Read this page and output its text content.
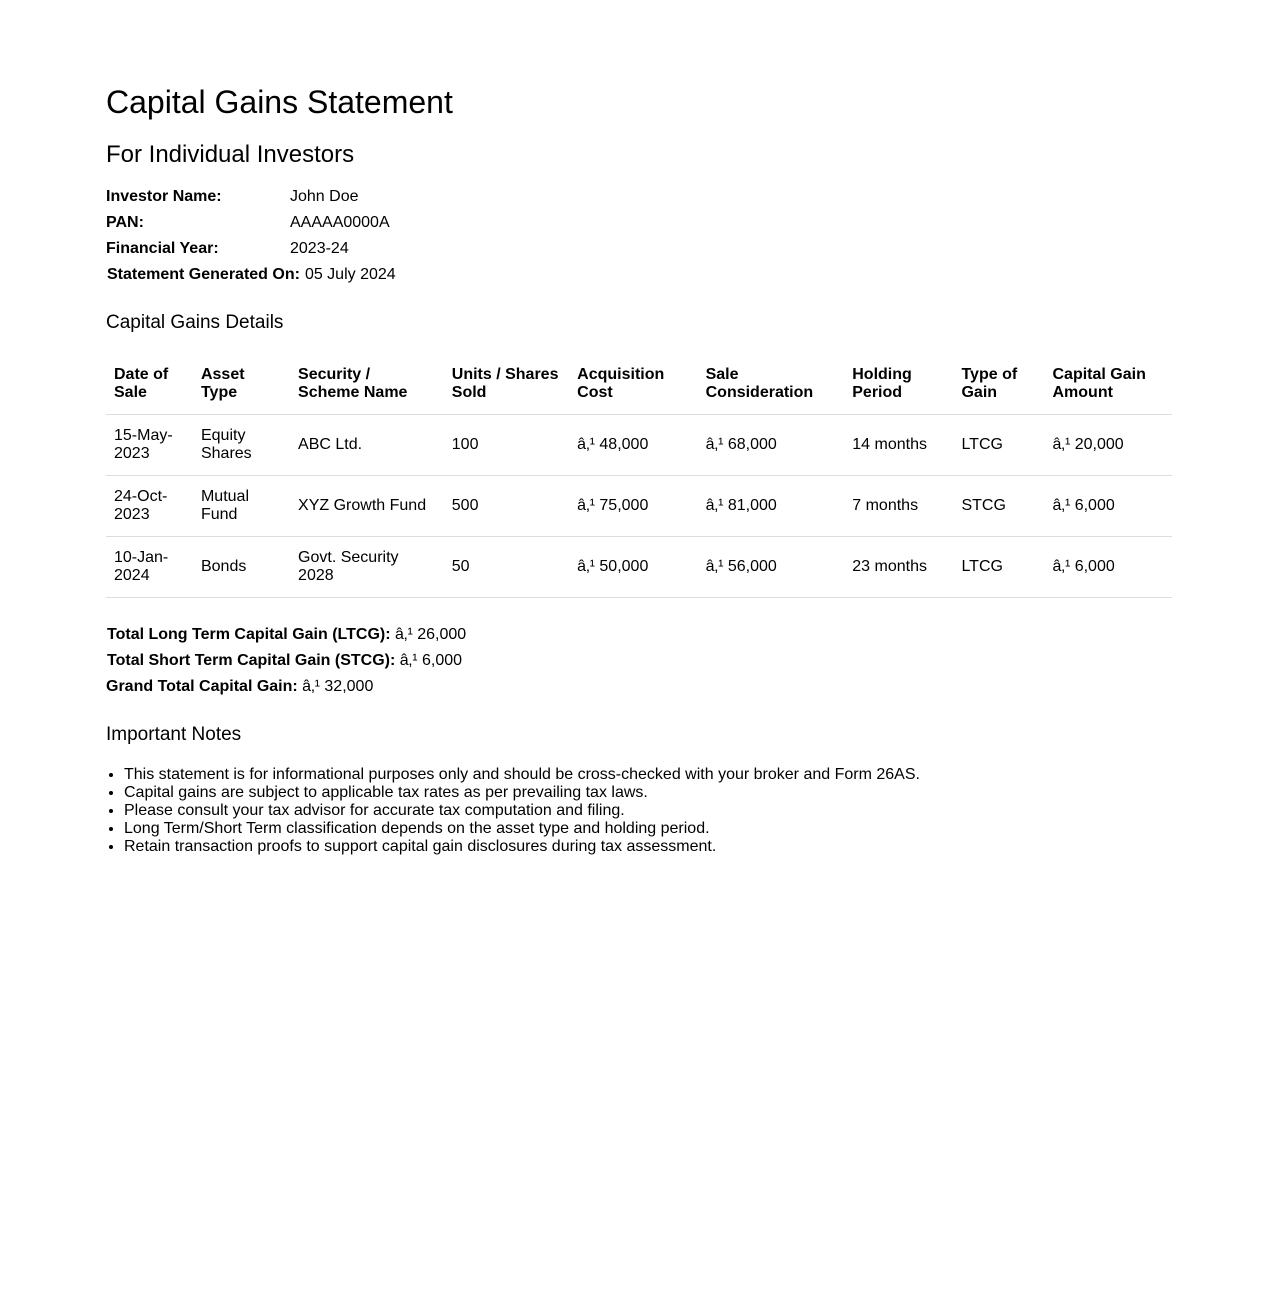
Capital Gains Statement
For Individual Investors
Investor Name:	John Doe
PAN:	AAAAA0000A
Financial Year:	2023-24
Statement Generated On: 05 July 2024
Capital Gains Details
Date of Sale	Asset Type	Security / Scheme Name	Units / Shares Sold	Acquisition Cost	Sale Consideration	Holding Period	Type of Gain	Capital Gain Amount
15-May-2023	Equity Shares	ABC Ltd.	100	â‚¹ 48,000	â‚¹ 68,000	14 months	LTCG	â‚¹ 20,000
24-Oct-2023	Mutual Fund	XYZ Growth Fund	500	â‚¹ 75,000	â‚¹ 81,000	7 months	STCG	â‚¹ 6,000
10-Jan-2024	Bonds	Govt. Security 2028	50	â‚¹ 50,000	â‚¹ 56,000	23 months	LTCG	â‚¹ 6,000
Total Long Term Capital Gain (LTCG): â‚¹ 26,000
Total Short Term Capital Gain (STCG): â‚¹ 6,000
Grand Total Capital Gain: â‚¹ 32,000
Important Notes
• This statement is for informational purposes only and should be cross-checked with your broker and Form 26AS.
• Capital gains are subject to applicable tax rates as per prevailing tax laws.
• Please consult your tax advisor for accurate tax computation and filing.
• Long Term/Short Term classification depends on the asset type and holding period.
• Retain transaction proofs to support capital gain disclosures during tax assessment.
